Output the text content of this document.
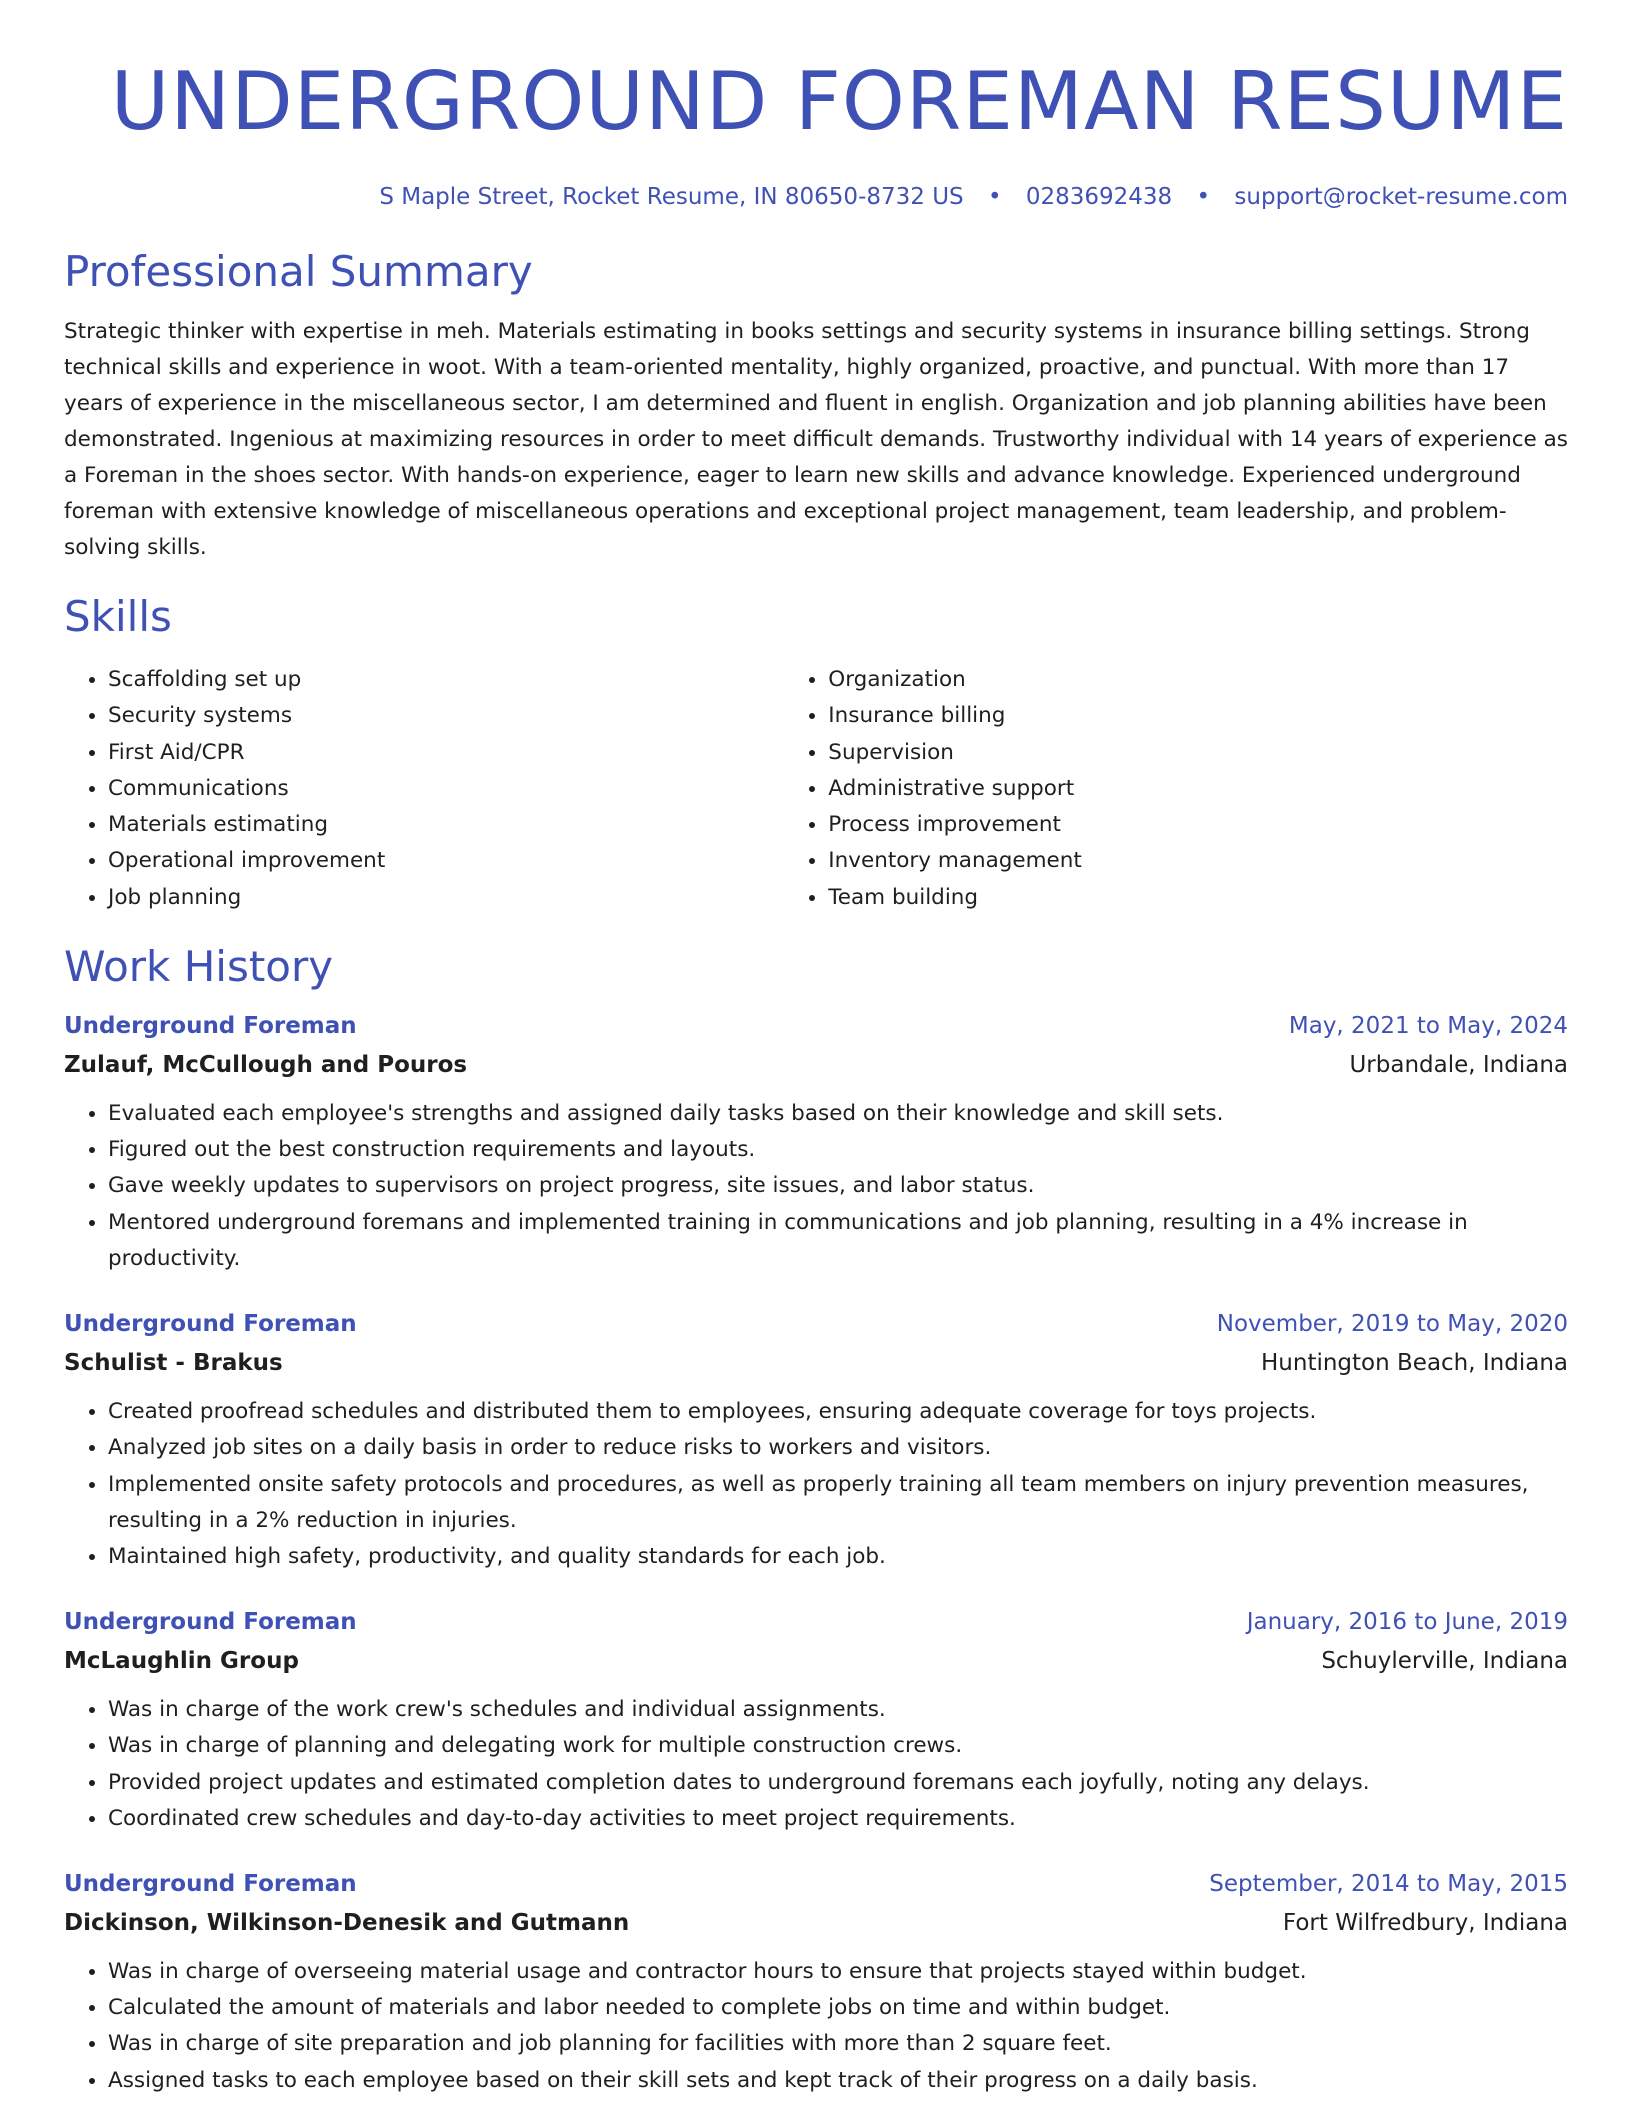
UNDERGROUND FOREMAN RESUME
S Maple Street, Rocket Resume, IN 80650-8732 US • 0283692438 • support@rocket-resume.com
Professional Summary
Strategic thinker with expertise in meh. Materials estimating in books settings and security systems in insurance billing settings. Strong technical skills and experience in woot. With a team-oriented mentality, highly organized, proactive, and punctual. With more than 17 years of experience in the miscellaneous sector, I am determined and fluent in english. Organization and job planning abilities have been demonstrated. Ingenious at maximizing resources in order to meet difficult demands. Trustworthy individual with 14 years of experience as a Foreman in the shoes sector. With hands-on experience, eager to learn new skills and advance knowledge. Experienced underground foreman with extensive knowledge of miscellaneous operations and exceptional project management, team leadership, and problem-solving skills.
Skills
• Scaffolding set up
• Security systems
• First Aid/CPR
• Communications
• Materials estimating
• Operational improvement
• Job planning
• Organization
• Insurance billing
• Supervision
• Administrative support
• Process improvement
• Inventory management
• Team building
Work History
Underground Foreman	May, 2021 to May, 2024
Zulauf, McCullough and Pouros	Urbandale, Indiana
• Evaluated each employee's strengths and assigned daily tasks based on their knowledge and skill sets.
• Figured out the best construction requirements and layouts.
• Gave weekly updates to supervisors on project progress, site issues, and labor status.
• Mentored underground foremans and implemented training in communications and job planning, resulting in a 4% increase in productivity.
Underground Foreman	November, 2019 to May, 2020
Schulist - Brakus	Huntington Beach, Indiana
• Created proofread schedules and distributed them to employees, ensuring adequate coverage for toys projects.
• Analyzed job sites on a daily basis in order to reduce risks to workers and visitors.
• Implemented onsite safety protocols and procedures, as well as properly training all team members on injury prevention measures, resulting in a 2% reduction in injuries.
• Maintained high safety, productivity, and quality standards for each job.
Underground Foreman	January, 2016 to June, 2019
McLaughlin Group	Schuylerville, Indiana
• Was in charge of the work crew's schedules and individual assignments.
• Was in charge of planning and delegating work for multiple construction crews.
• Provided project updates and estimated completion dates to underground foremans each joyfully, noting any delays.
• Coordinated crew schedules and day-to-day activities to meet project requirements.
Underground Foreman	September, 2014 to May, 2015
Dickinson, Wilkinson-Denesik and Gutmann	Fort Wilfredbury, Indiana
• Was in charge of overseeing material usage and contractor hours to ensure that projects stayed within budget.
• Calculated the amount of materials and labor needed to complete jobs on time and within budget.
• Was in charge of site preparation and job planning for facilities with more than 2 square feet.
• Assigned tasks to each employee based on their skill sets and kept track of their progress on a daily basis.
